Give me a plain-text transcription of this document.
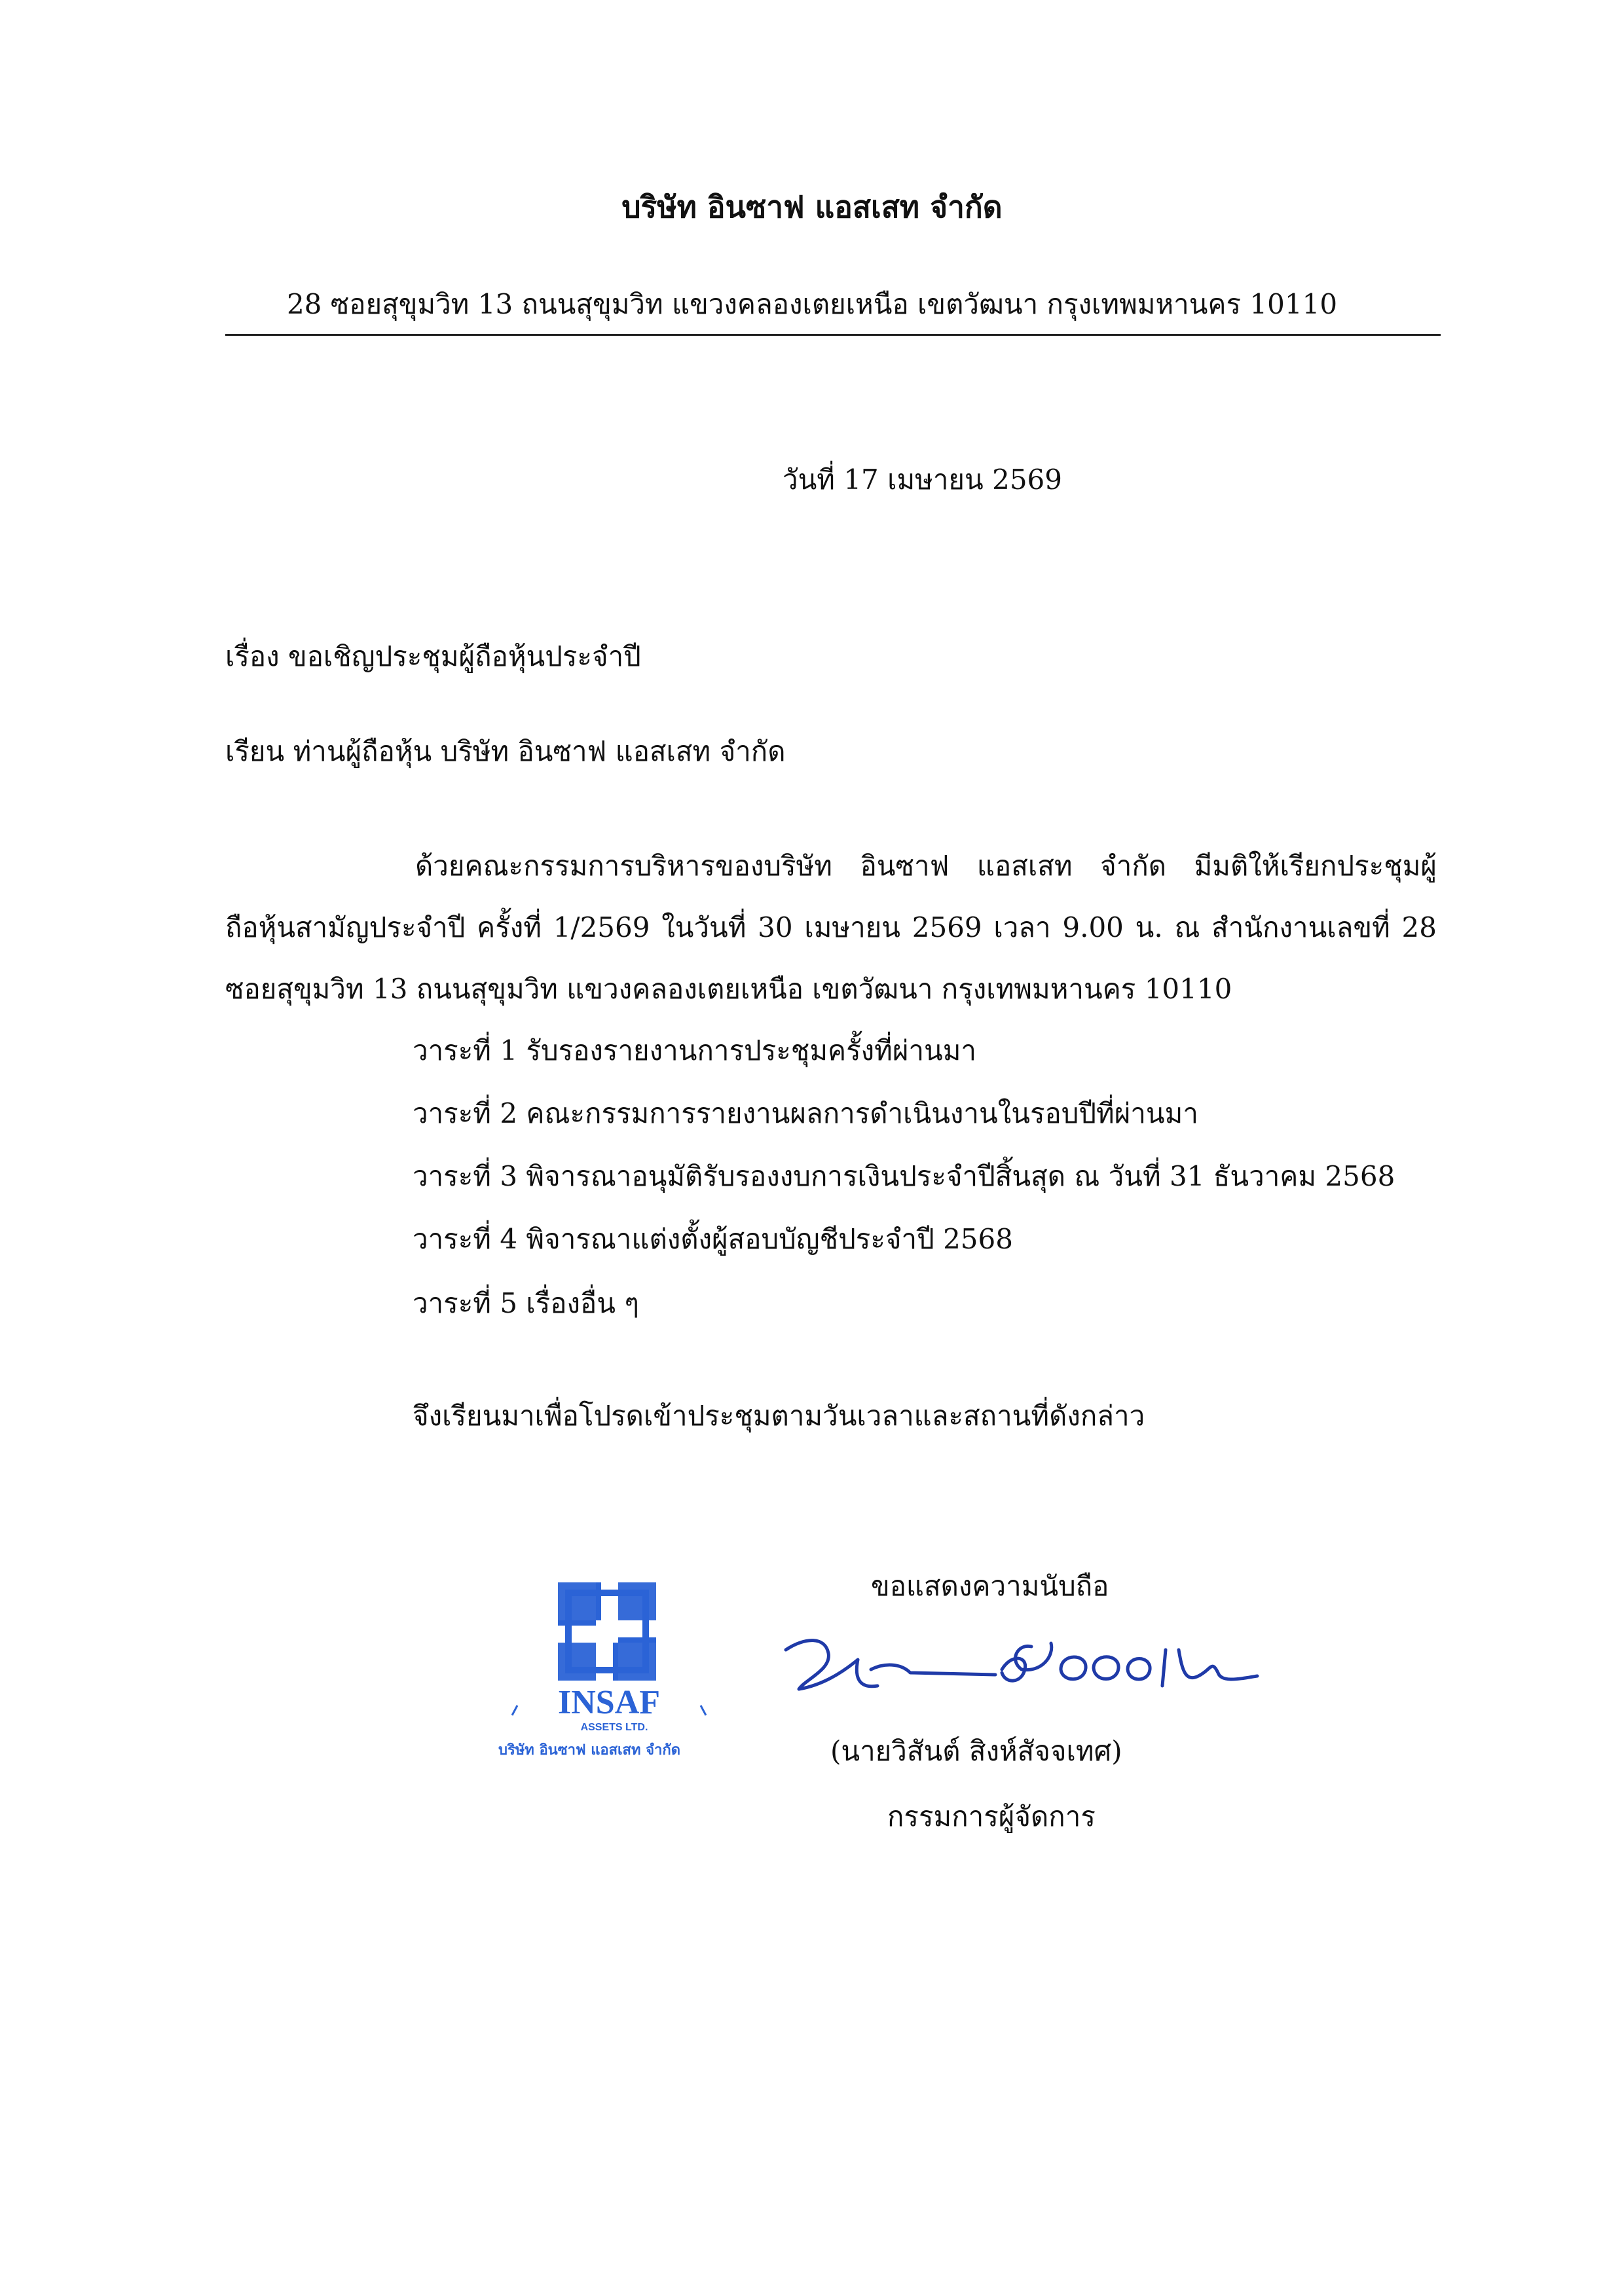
บริษัท อินซาฟ แอสเสท จำกัด
28 ซอยสุขุมวิท 13 ถนนสุขุมวิท แขวงคลองเตยเหนือ เขตวัฒนา กรุงเทพมหานคร 10110
วันที่ 17 เมษายน 2569
เรื่อง ขอเชิญประชุมผู้ถือหุ้นประจำปี
เรียน ท่านผู้ถือหุ้น บริษัท อินซาฟ แอสเสท จำกัด
ด้วยคณะกรรมการบริหารของบริษัท อินซาฟ แอสเสท จำกัด มีมติให้เรียกประชุมผู้
ถือหุ้นสามัญประจำปี ครั้งที่ 1/2569 ในวันที่ 30 เมษายน 2569 เวลา 9.00 น. ณ สำนักงานเลขที่ 28
ซอยสุขุมวิท 13 ถนนสุขุมวิท แขวงคลองเตยเหนือ เขตวัฒนา กรุงเทพมหานคร 10110
วาระที่ 1 รับรองรายงานการประชุมครั้งที่ผ่านมา
วาระที่ 2 คณะกรรมการรายงานผลการดำเนินงานในรอบปีที่ผ่านมา
วาระที่ 3 พิจารณาอนุมัติรับรองงบการเงินประจำปีสิ้นสุด ณ วันที่ 31 ธันวาคม 2568
วาระที่ 4 พิจารณาแต่งตั้งผู้สอบบัญชีประจำปี 2568
วาระที่ 5 เรื่องอื่น ๆ
จึงเรียนมาเพื่อโปรดเข้าประชุมตามวันเวลาและสถานที่ดังกล่าว
ขอแสดงความนับถือ
INSAF
ASSETS LTD.
บริษัท อินซาฟ แอสเสท จำกัด	(นายวิสันต์ สิงห์สัจจเทศ)
กรรมการผู้จัดการ
